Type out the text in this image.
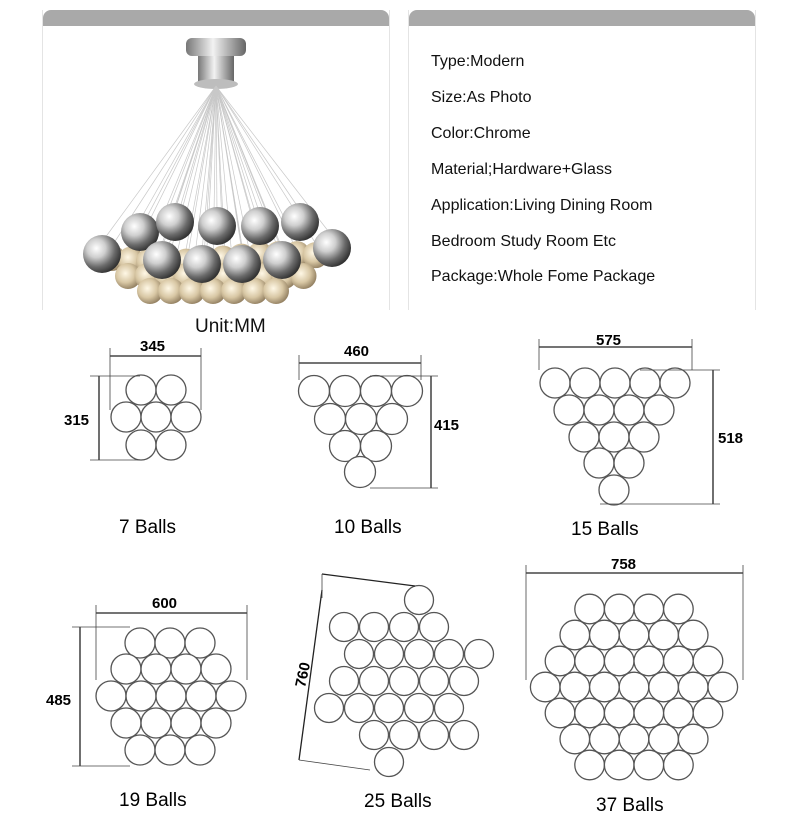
Type:Modern
Size:As Photo
Color:Chrome
Material;Hardware+Glass
Application:Living Dining Room
Bedroom Study Room Etc
Package:Whole Fome Package
Unit:MM
345
315
7 Balls
460
415
10 Balls
575
518
15 Balls
600
485
19 Balls
760
25 Balls
758
37 Balls
